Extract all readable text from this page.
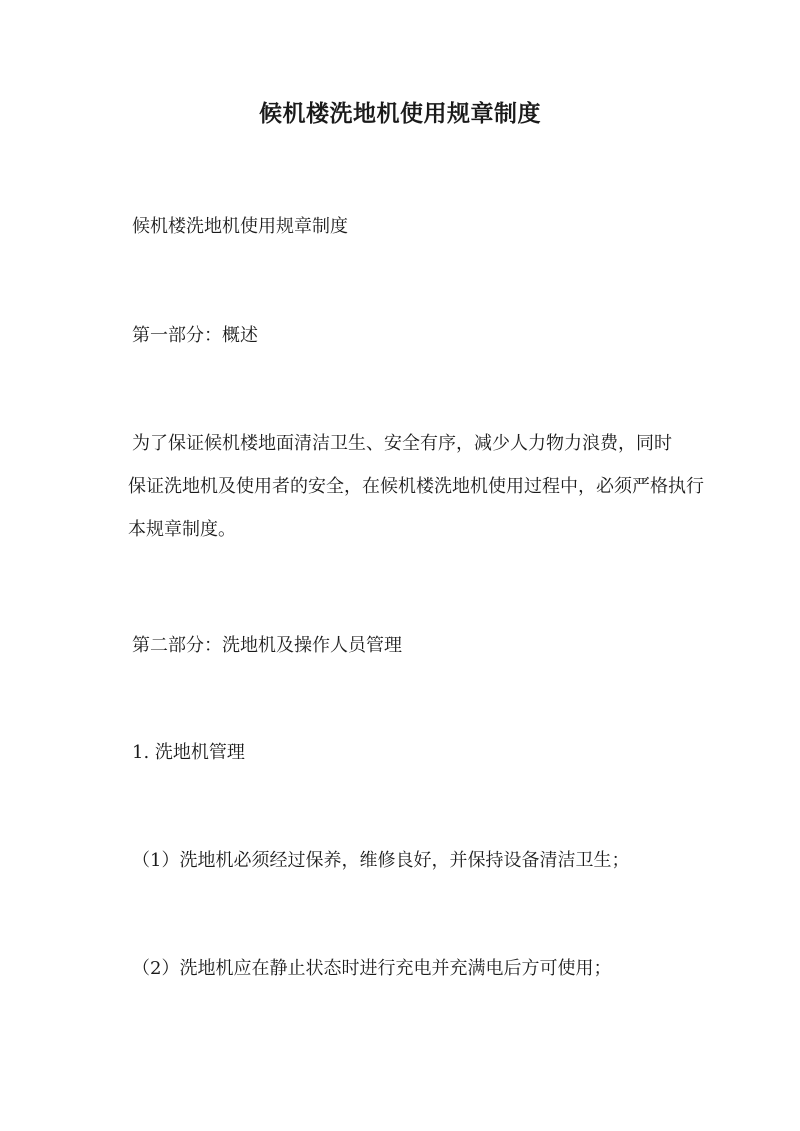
候机楼洗地机使用规章制度

候机楼洗地机使用规章制度

第一部分：概述

为了保证候机楼地面清洁卫生、安全有序，减少人力物力浪费，同时
保证洗地机及使用者的安全，在候机楼洗地机使用过程中，必须严格执行
本规章制度。

第二部分：洗地机及操作人员管理

1. 洗地机管理

（1）洗地机必须经过保养，维修良好，并保持设备清洁卫生；

（2）洗地机应在静止状态时进行充电并充满电后方可使用；
